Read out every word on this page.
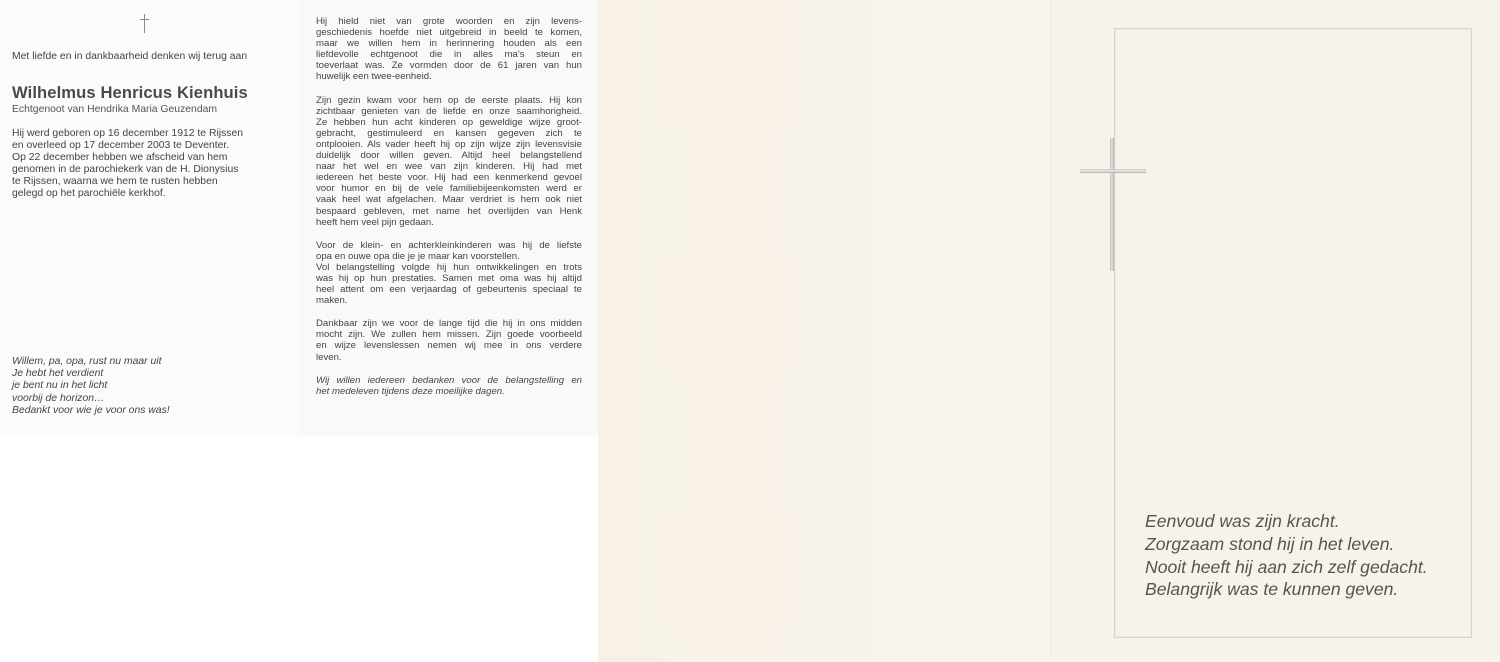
Met liefde en in dankbaarheid denken wij terug aan
Wilhelmus Henricus Kienhuis
Echtgenoot van Hendrika Maria Geuzendam
Hij werd geboren op 16 december 1912 te Rijssen
en overleed op 17 december 2003 te Deventer.
Op 22 december hebben we afscheid van hem
genomen in de parochiekerk van de H. Dionysius
te Rijssen, waarna we hem te rusten hebben
gelegd op het parochiële kerkhof.
Willem, pa, opa, rust nu maar uit
Je hebt het verdient
je bent nu in het licht
voorbij de horizon…
Bedankt voor wie je voor ons was!
Hij hield niet van grote woorden en zijn levens-
geschiedenis hoefde niet uitgebreid in beeld te komen,
maar we willen hem in herinnering houden als een
liefdevolle echtgenoot die in alles ma's steun en
toeverlaat was. Ze vormden door de 61 jaren van hun
huwelijk een twee-eenheid.
Zijn gezin kwam voor hem op de eerste plaats. Hij kon
zichtbaar genieten van de liefde en onze saamhorigheid.
Ze hebben hun acht kinderen op geweldige wijze groot-
gebracht, gestimuleerd en kansen gegeven zich te
ontplooien. Als vader heeft hij op zijn wijze zijn levensvisie
duidelijk door willen geven. Altijd heel belangstellend
naar het wel en wee van zijn kinderen. Hij had met
iedereen het beste voor. Hij had een kenmerkend gevoel
voor humor en bij de vele familiebijeenkomsten werd er
vaak heel wat afgelachen. Maar verdriet is hem ook niet
bespaard gebleven, met name het overlijden van Henk
heeft hem veel pijn gedaan.
Voor de klein- en achterkleinkinderen was hij de liefste
opa en ouwe opa die je je maar kan voorstellen.
Vol belangstelling volgde hij hun ontwikkelingen en trots
was hij op hun prestaties. Samen met oma was hij altijd
heel attent om een verjaardag of gebeurtenis speciaal te
maken.
Dankbaar zijn we voor de lange tijd die hij in ons midden
mocht zijn. We zullen hem missen. Zijn goede voorbeeld
en wijze levenslessen nemen wij mee in ons verdere
leven.
Wij willen iedereen bedanken voor de belangstelling en
het medeleven tijdens deze moeilijke dagen.
Eenvoud was zijn kracht.
Zorgzaam stond hij in het leven.
Nooit heeft hij aan zich zelf gedacht.
Belangrijk was te kunnen geven.
